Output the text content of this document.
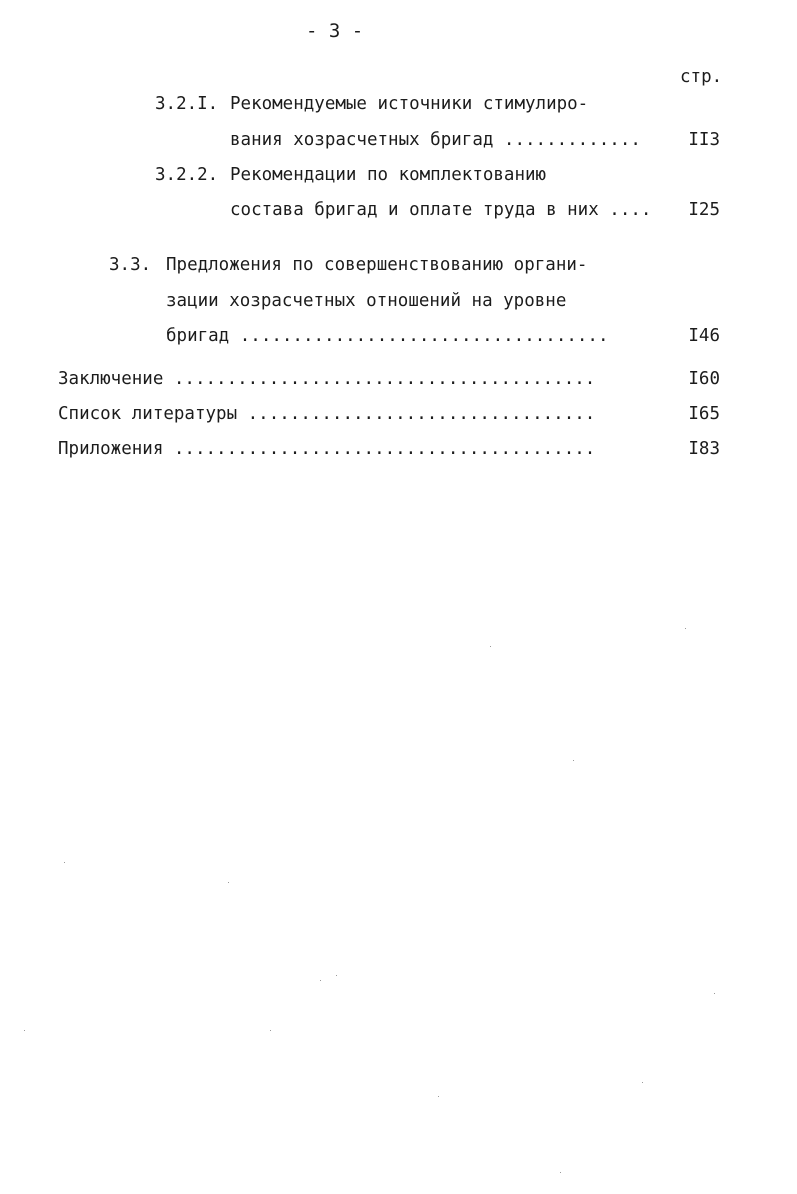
- 3 -
стр.
3.2.I. Рекомендуемые источники стимулиро-
вания хозрасчетных бригад .............	II3
3.2.2. Рекомендации по комплектованию
состава бригад и оплате труда в них ....	I25
3.3. Предложения по совершенствованию органи-
зации хозрасчетных отношений на уровне
бригад ...................................	I46
Заключение ........................................	I60
Список литературы .................................	I65
Приложения ........................................	I83
